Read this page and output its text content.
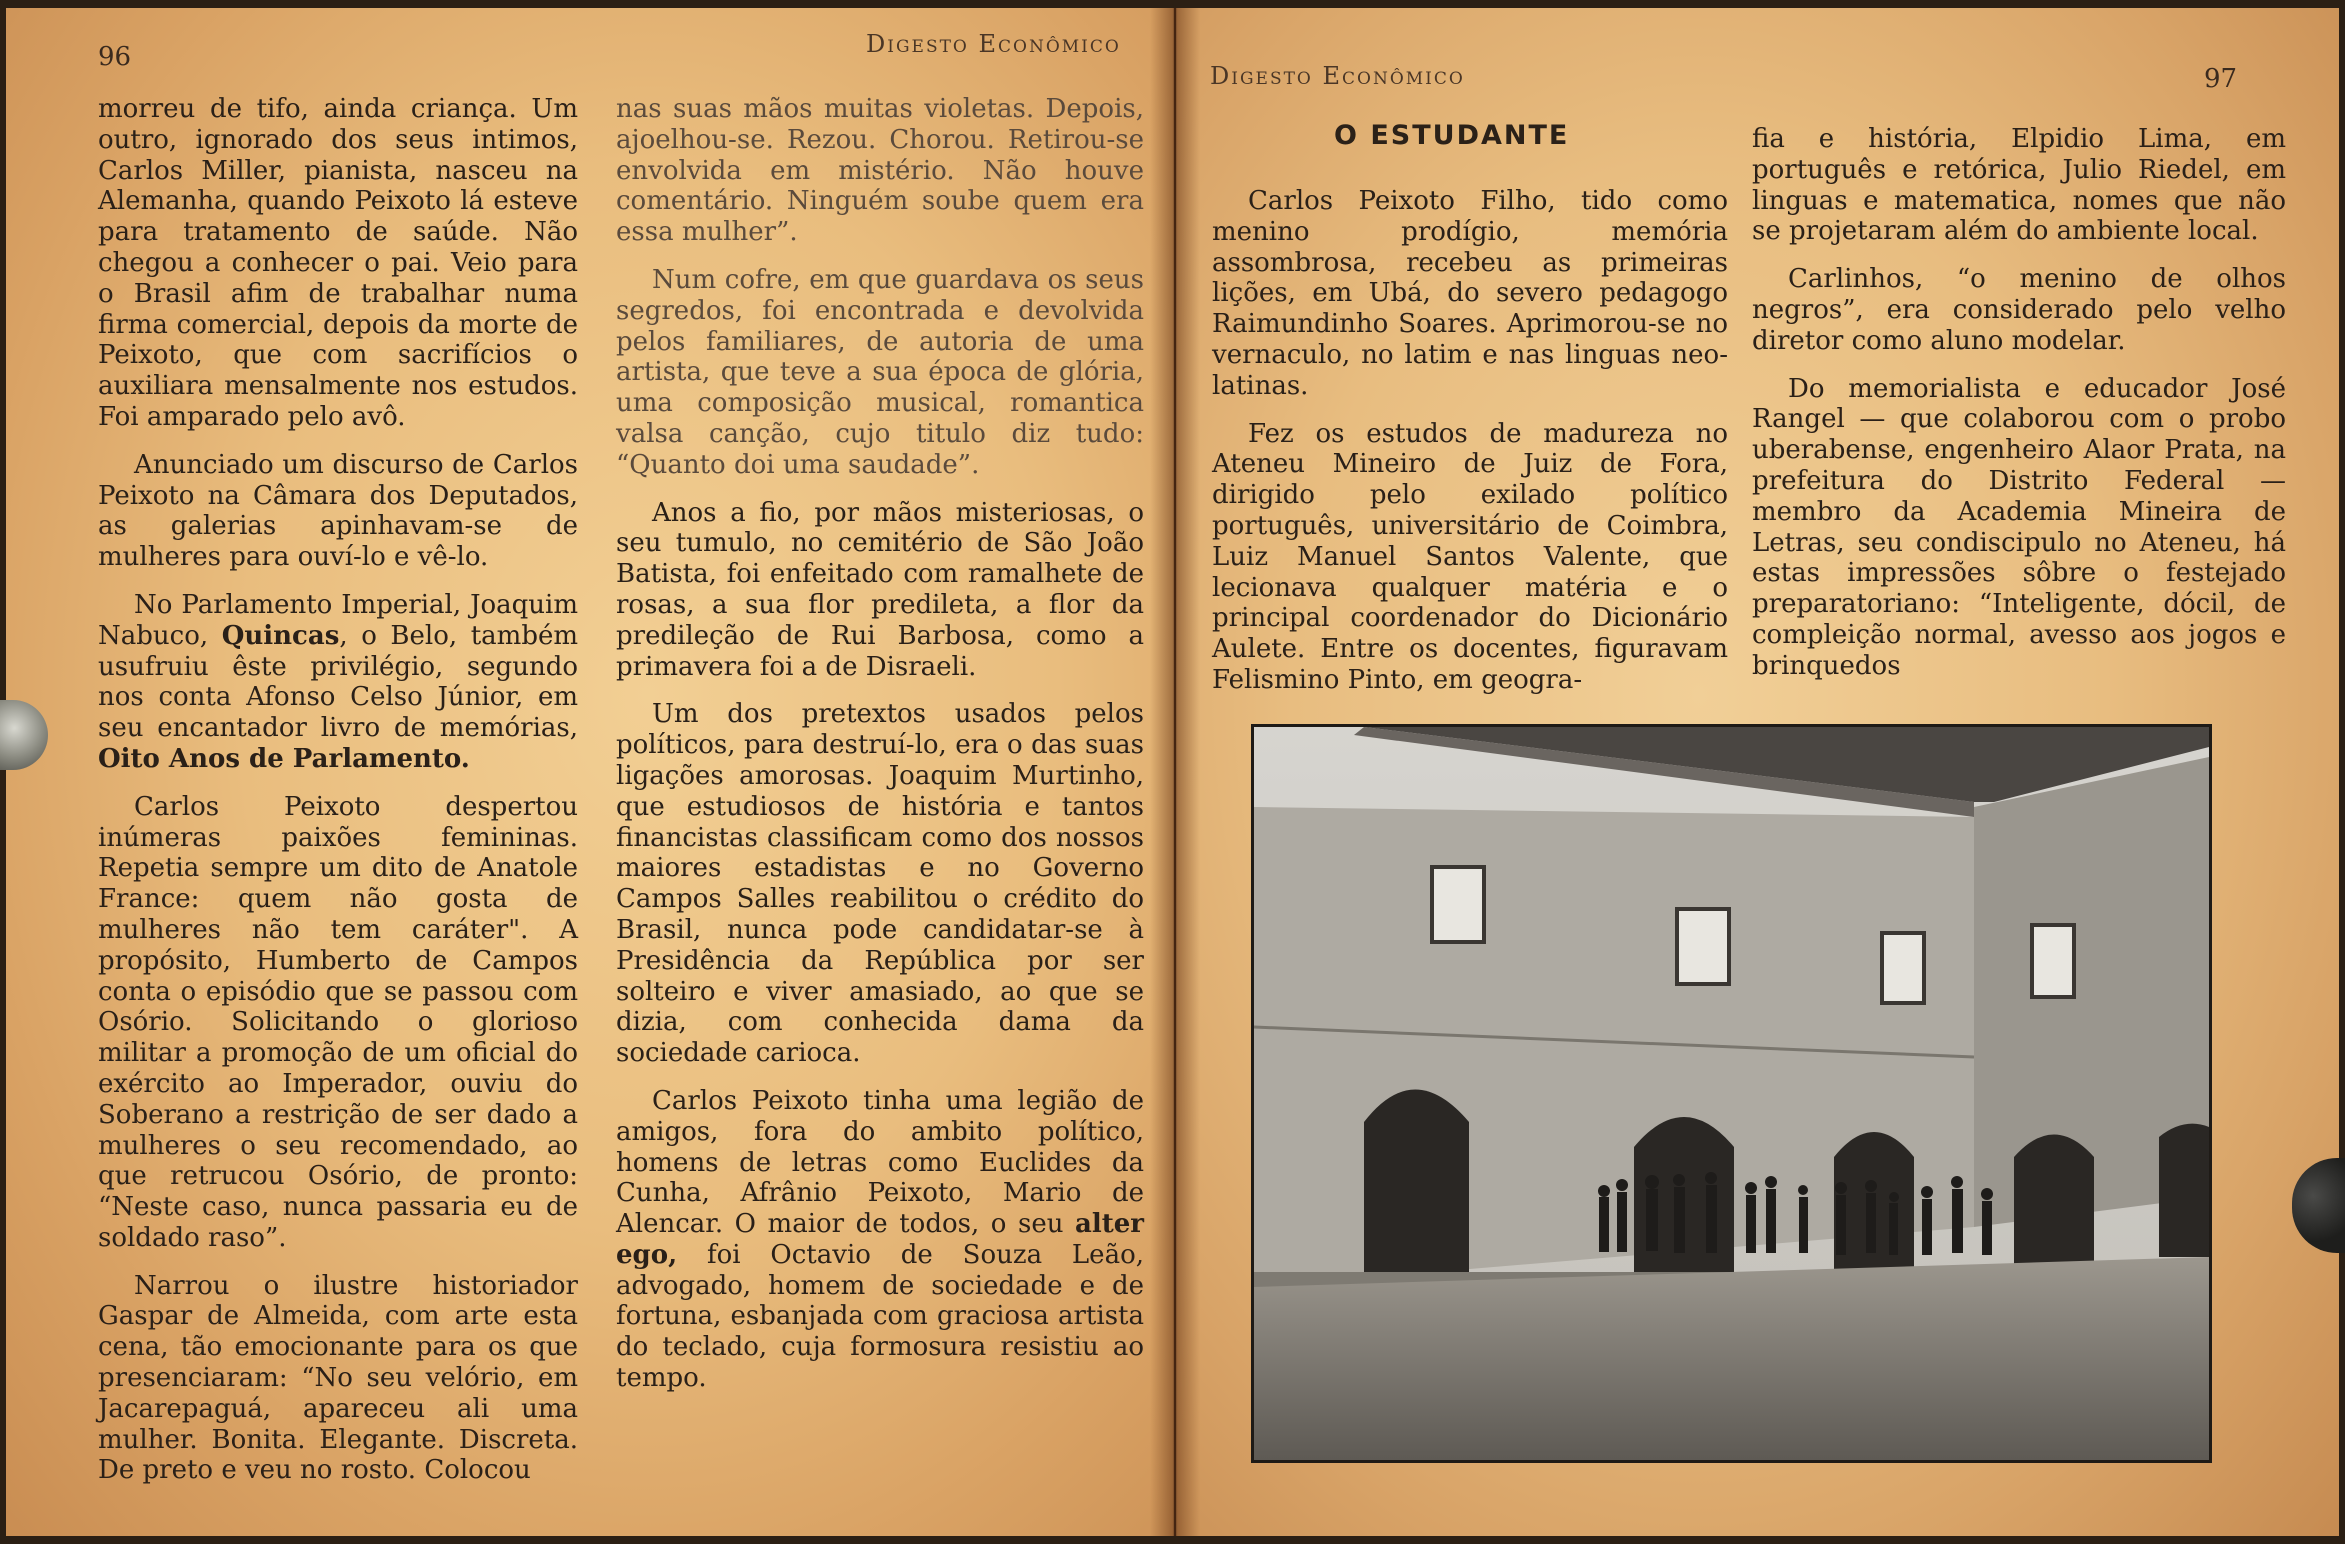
96	Digesto Econômico

morreu de tifo, ainda criança. Um outro, ignorado dos seus intimos, Carlos Miller, pianista, nasceu na Alemanha, quando Peixoto lá esteve para tratamento de saúde. Não chegou a conhecer o pai. Veio para o Brasil afim de trabalhar numa firma comercial, depois da morte de Peixoto, que com sacrifícios o auxiliara mensalmente nos estudos. Foi amparado pelo avô.

Anunciado um discurso de Carlos Peixoto na Câmara dos Deputados, as galerias apinhavam-se de mulheres para ouví-lo e vê-lo.

No Parlamento Imperial, Joaquim Nabuco, Quincas, o Belo, também usufruiu êste privilégio, segundo nos conta Afonso Celso Júnior, em seu encantador livro de memórias, Oito Anos de Parlamento.

Carlos Peixoto despertou inúmeras paixões femininas. Repetia sempre um dito de Anatole France: quem não gosta de mulheres não tem caráter". A propósito, Humberto de Campos conta o episódio que se passou com Osório. Solicitando o glorioso militar a promoção de um oficial do exército ao Imperador, ouviu do Soberano a restrição de ser dado a mulheres o seu recomendado, ao que retrucou Osório, de pronto: “Neste caso, nunca passaria eu de soldado raso”.

Narrou o ilustre historiador Gaspar de Almeida, com arte esta cena, tão emocionante para os que presenciaram: “No seu velório, em Jacarepaguá, apareceu ali uma mulher. Bonita. Elegante. Discreta. De preto e veu no rosto. Colocou

nas suas mãos muitas violetas. Depois, ajoelhou-se. Rezou. Chorou. Retirou-se envolvida em mistério. Não houve comentário. Ninguém soube quem era essa mulher”.

Num cofre, em que guardava os seus segredos, foi encontrada e devolvida pelos familiares, de autoria de uma artista, que teve a sua época de glória, uma composição musical, romantica valsa canção, cujo titulo diz tudo: “Quanto doi uma saudade”.

Anos a fio, por mãos misteriosas, o seu tumulo, no cemitério de São João Batista, foi enfeitado com ramalhete de rosas, a sua flor predileta, a flor da predileção de Rui Barbosa, como a primavera foi a de Disraeli.

Um dos pretextos usados pelos políticos, para destruí-lo, era o das suas ligações amorosas. Joaquim Murtinho, que estudiosos de história e tantos financistas classificam como dos nossos maiores estadistas e no Governo Campos Salles reabilitou o crédito do Brasil, nunca pode candidatar-se à Presidência da República por ser solteiro e viver amasiado, ao que se dizia, com conhecida dama da sociedade carioca.

Carlos Peixoto tinha uma legião de amigos, fora do ambito político, homens de letras como Euclides da Cunha, Afrânio Peixoto, Mario de Alencar. O maior de todos, o seu alter ego, foi Octavio de Souza Leão, advogado, homem de sociedade e de fortuna, esbanjada com graciosa artista do teclado, cuja formosura resistiu ao tempo.

Digesto Econômico	97
O ESTUDANTE

Carlos Peixoto Filho, tido como menino prodígio, memória assombrosa, recebeu as primeiras lições, em Ubá, do severo pedagogo Raimundinho Soares. Aprimorou-se no vernaculo, no latim e nas linguas neo-latinas.

Fez os estudos de madureza no Ateneu Mineiro de Juiz de Fora, dirigido pelo exilado político português, universitário de Coimbra, Luiz Manuel Santos Valente, que lecionava qualquer matéria e o principal coordenador do Dicionário Aulete. Entre os docentes, figuravam Felismino Pinto, em geogra-

fia e história, Elpidio Lima, em português e retórica, Julio Riedel, em linguas e matematica, nomes que não se projetaram além do ambiente local.

Carlinhos, “o menino de olhos negros”, era considerado pelo velho diretor como aluno modelar.

Do memorialista e educador José Rangel — que colaborou com o probo uberabense, engenheiro Alaor Prata, na prefeitura do Distrito Federal — membro da Academia Mineira de Letras, seu condiscipulo no Ateneu, há estas impressões sôbre o festejado preparatoriano: “Inteligente, dócil, de compleição normal, avesso aos jogos e brinquedos
